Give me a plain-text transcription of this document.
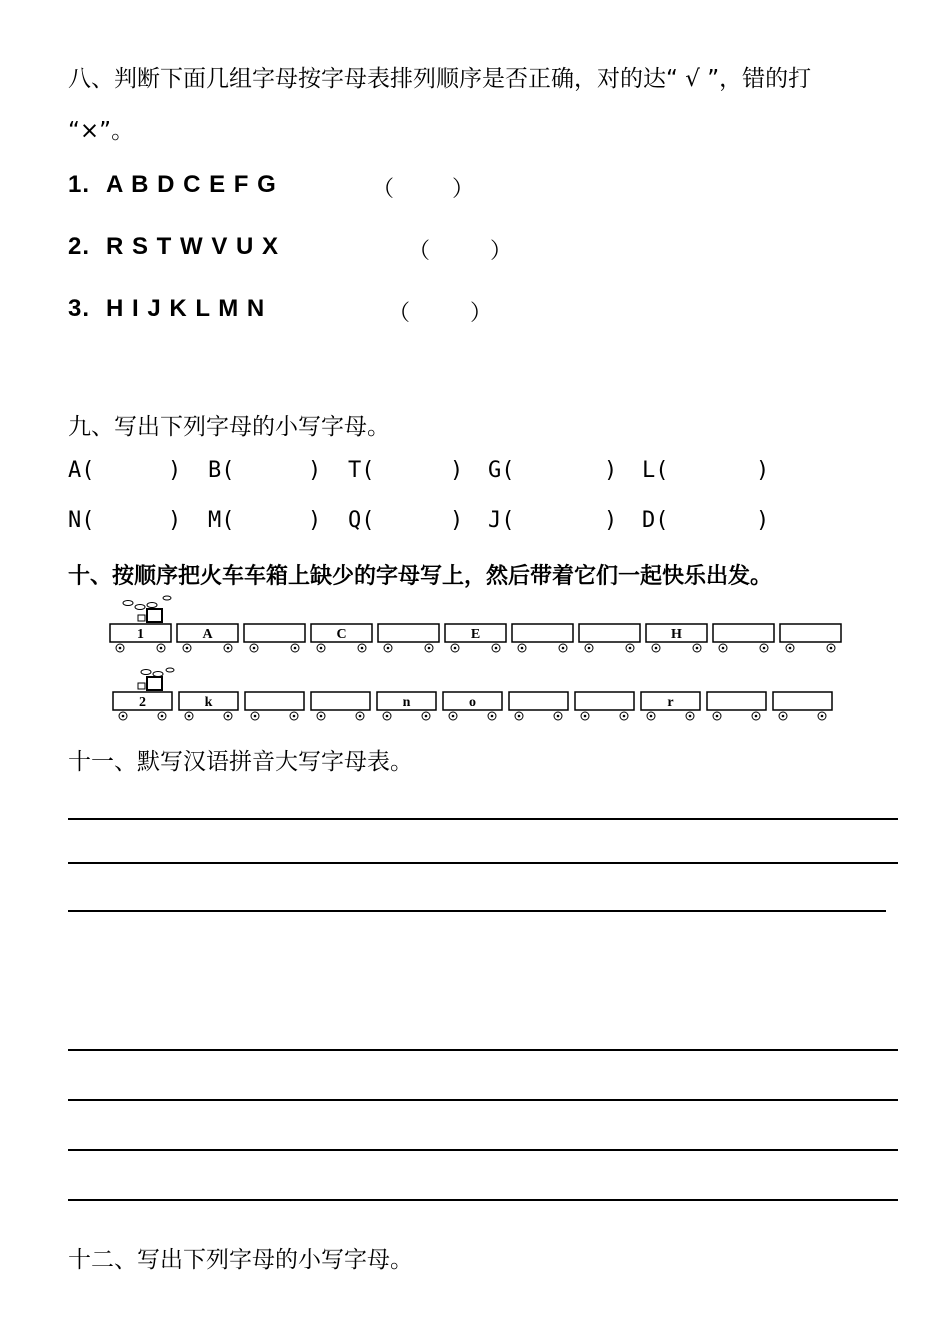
八、判断下面几组字母按字母表排列顺序是否正确，对的达“ √ ”，错的打
“×”。
1. A B D C E F G	（	）
2. R S T W V U X	（	）
3. H I J K L M N	（	）
九、写出下列字母的小写字母。
A(	) B(	) T(	) G(	) L(	)
N(	) M(	) Q(	) J(	) D(	)
十、按顺序把火车车箱上缺少的字母写上，然后带着它们一起快乐出发。
1	A	C	E	H
2	k	n	o	r
十一、默写汉语拼音大写字母表。
十二、写出下列字母的小写字母。
